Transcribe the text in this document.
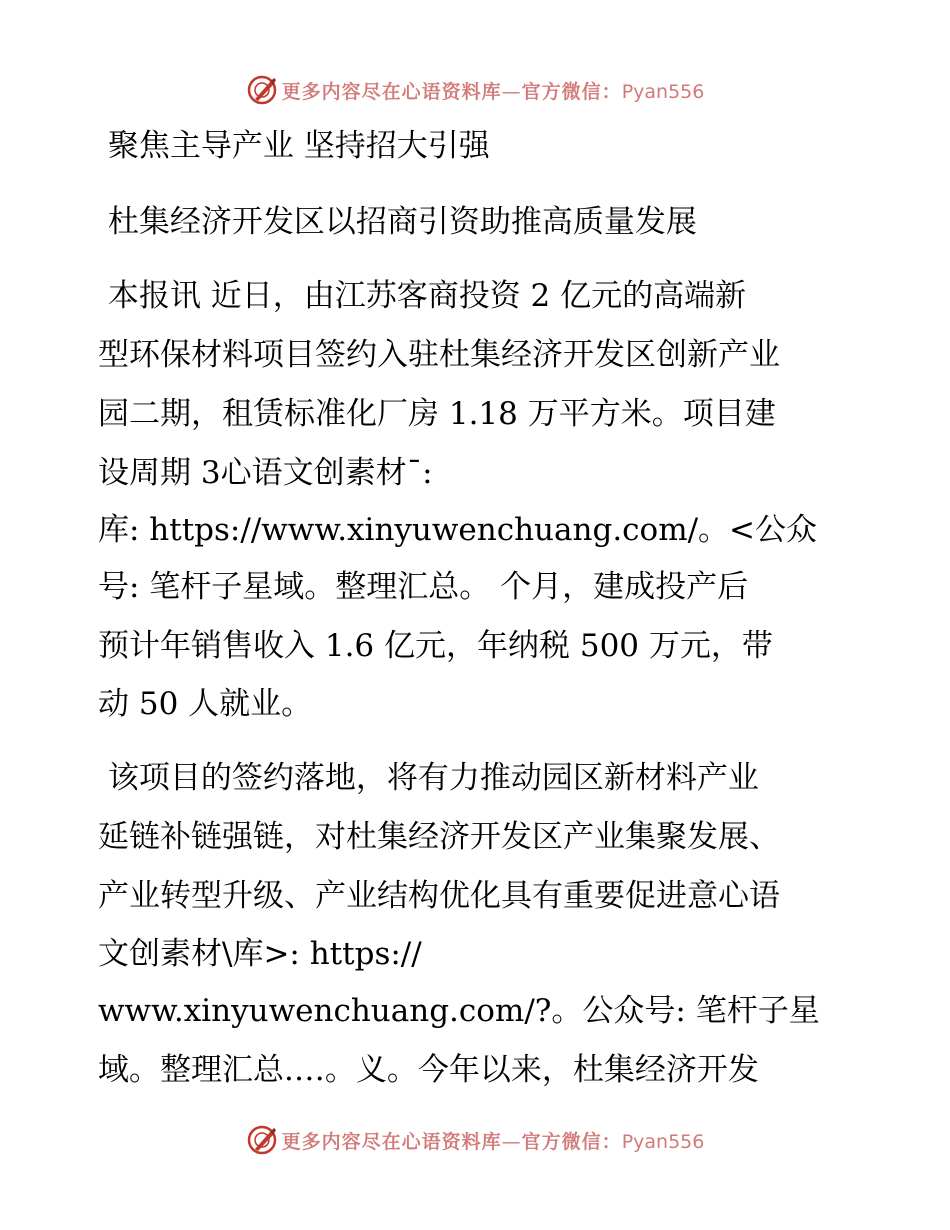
更多内容尽在心语资料库—官方微信：Pyan556
聚焦主导产业 坚持招大引强
杜集经济开发区以招商引资助推高质量发展
本报讯 近日，由江苏客商投资 2 亿元的高端新
型环保材料项目签约入驻杜集经济开发区创新产业
园二期，租赁标准化厂房 1.18 万平方米。项目建
设周期 3心语文创素材¯:
库: https://www.xinyuwenchuang.com/。<公众
号: 笔杆子星域。整理汇总。 个月，建成投产后
预计年销售收入 1.6 亿元，年纳税 500 万元，带
动 50 人就业。
该项目的签约落地，将有力推动园区新材料产业
延链补链强链，对杜集经济开发区产业集聚发展、
产业转型升级、产业结构优化具有重要促进意心语
文创素材\库>: https://
www.xinyuwenchuang.com/?。公众号: 笔杆子星
域。整理汇总.…。义。今年以来，杜集经济开发
更多内容尽在心语资料库—官方微信：Pyan556
